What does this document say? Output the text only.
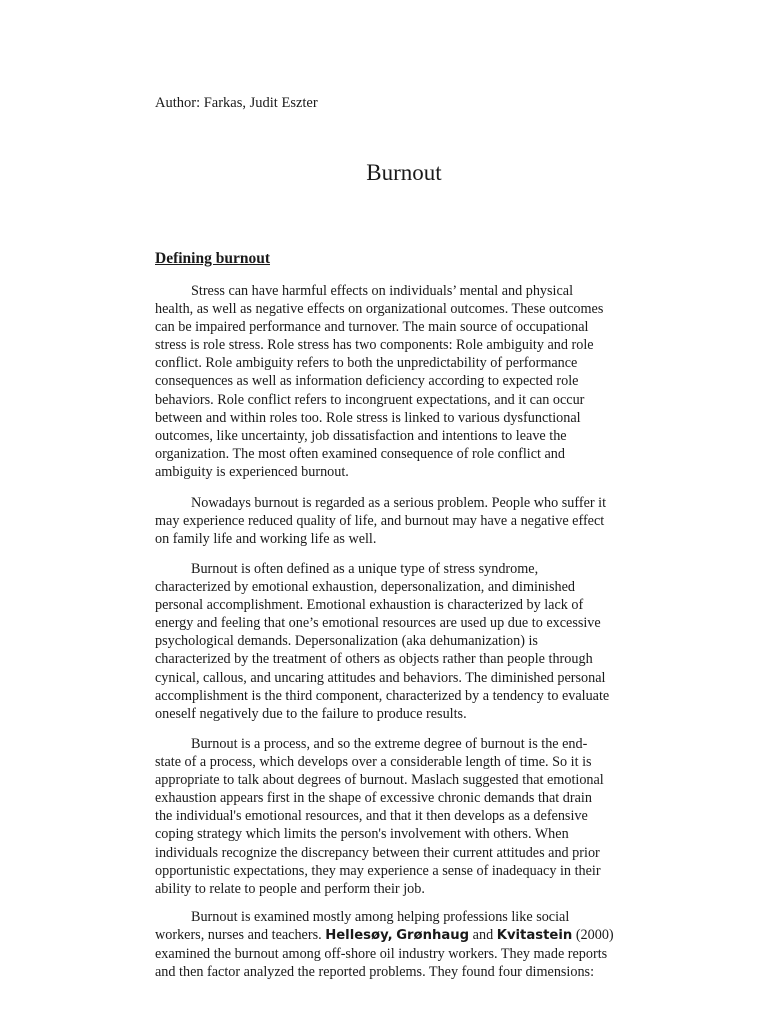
Author: Farkas, Judit Eszter
Burnout
Defining burnout
Stress can have harmful effects on individuals’ mental and physical
health, as well as negative effects on organizational outcomes. These outcomes
can be impaired performance and turnover. The main source of occupational
stress is role stress. Role stress has two components: Role ambiguity and role
conflict. Role ambiguity refers to both the unpredictability of performance
consequences as well as information deficiency according to expected role
behaviors. Role conflict refers to incongruent expectations, and it can occur
between and within roles too. Role stress is linked to various dysfunctional
outcomes, like uncertainty, job dissatisfaction and intentions to leave the
organization. The most often examined consequence of role conflict and
ambiguity is experienced burnout.
Nowadays burnout is regarded as a serious problem. People who suffer it
may experience reduced quality of life, and burnout may have a negative effect
on family life and working life as well.
Burnout is often defined as a unique type of stress syndrome,
characterized by emotional exhaustion, depersonalization, and diminished
personal accomplishment. Emotional exhaustion is characterized by lack of
energy and feeling that one’s emotional resources are used up due to excessive
psychological demands. Depersonalization (aka dehumanization) is
characterized by the treatment of others as objects rather than people through
cynical, callous, and uncaring attitudes and behaviors. The diminished personal
accomplishment is the third component, characterized by a tendency to evaluate
oneself negatively due to the failure to produce results.
Burnout is a process, and so the extreme degree of burnout is the end-
state of a process, which develops over a considerable length of time. So it is
appropriate to talk about degrees of burnout. Maslach suggested that emotional
exhaustion appears first in the shape of excessive chronic demands that drain
the individual's emotional resources, and that it then develops as a defensive
coping strategy which limits the person's involvement with others. When
individuals recognize the discrepancy between their current attitudes and prior
opportunistic expectations, they may experience a sense of inadequacy in their
ability to relate to people and perform their job.
Burnout is examined mostly among helping professions like social
workers, nurses and teachers. Hellesøy, Grønhaug and Kvitastein (2000)
examined the burnout among off-shore oil industry workers. They made reports
and then factor analyzed the reported problems. They found four dimensions:
